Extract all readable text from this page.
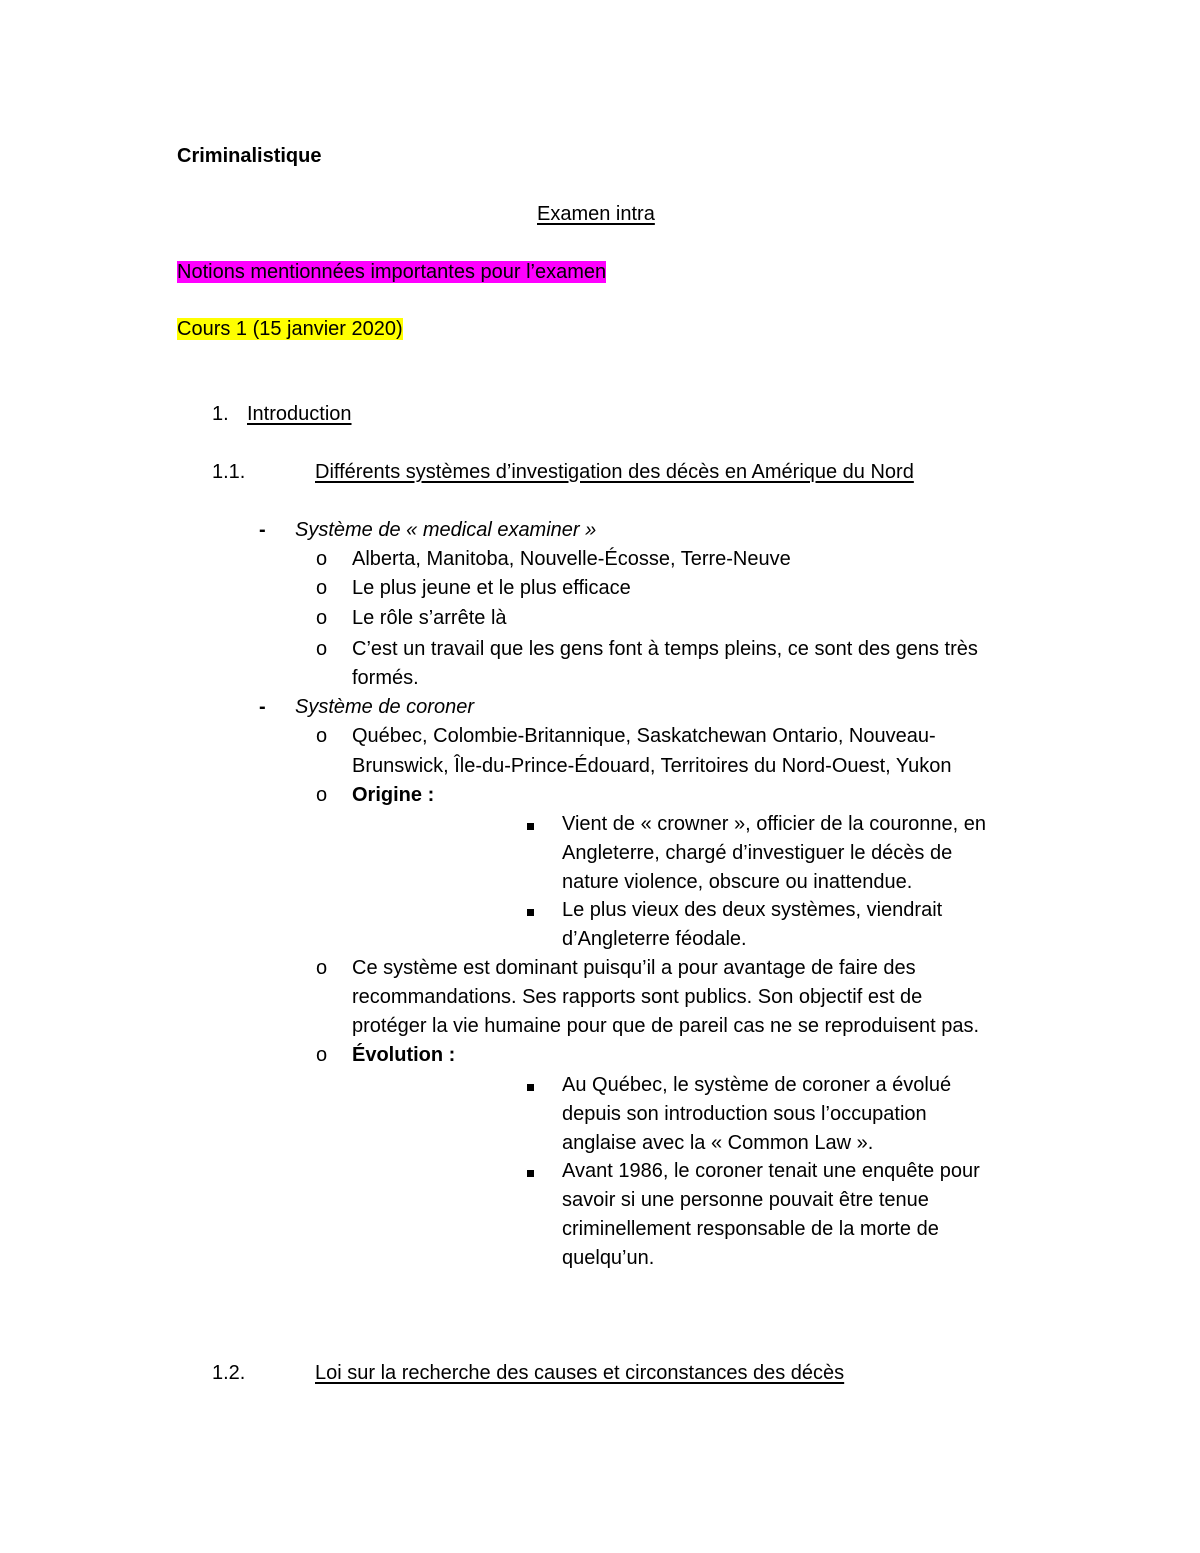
Criminalistique
Examen intra
Notions mentionnées importantes pour l’examen
Cours 1 (15 janvier 2020)
1. Introduction
1.1.	Différents systèmes d’investigation des décès en Amérique du Nord
- Système de « medical examiner »
o Alberta, Manitoba, Nouvelle-Écosse, Terre-Neuve
o Le plus jeune et le plus efficace
o Le rôle s’arrête là
o C’est un travail que les gens font à temps pleins, ce sont des gens très
formés.
- Système de coroner
o Québec, Colombie-Britannique, Saskatchewan Ontario, Nouveau-
Brunswick, Île-du-Prince-Édouard, Territoires du Nord-Ouest, Yukon
o Origine :
Vient de « crowner », officier de la couronne, en
Angleterre, chargé d’investiguer le décès de
nature violence, obscure ou inattendue.
Le plus vieux des deux systèmes, viendrait
d’Angleterre féodale.
o Ce système est dominant puisqu’il a pour avantage de faire des
recommandations. Ses rapports sont publics. Son objectif est de
protéger la vie humaine pour que de pareil cas ne se reproduisent pas.
o Évolution :
Au Québec, le système de coroner a évolué
depuis son introduction sous l’occupation
anglaise avec la « Common Law ».
Avant 1986, le coroner tenait une enquête pour
savoir si une personne pouvait être tenue
criminellement responsable de la morte de
quelqu’un.
1.2.	Loi sur la recherche des causes et circonstances des décès
